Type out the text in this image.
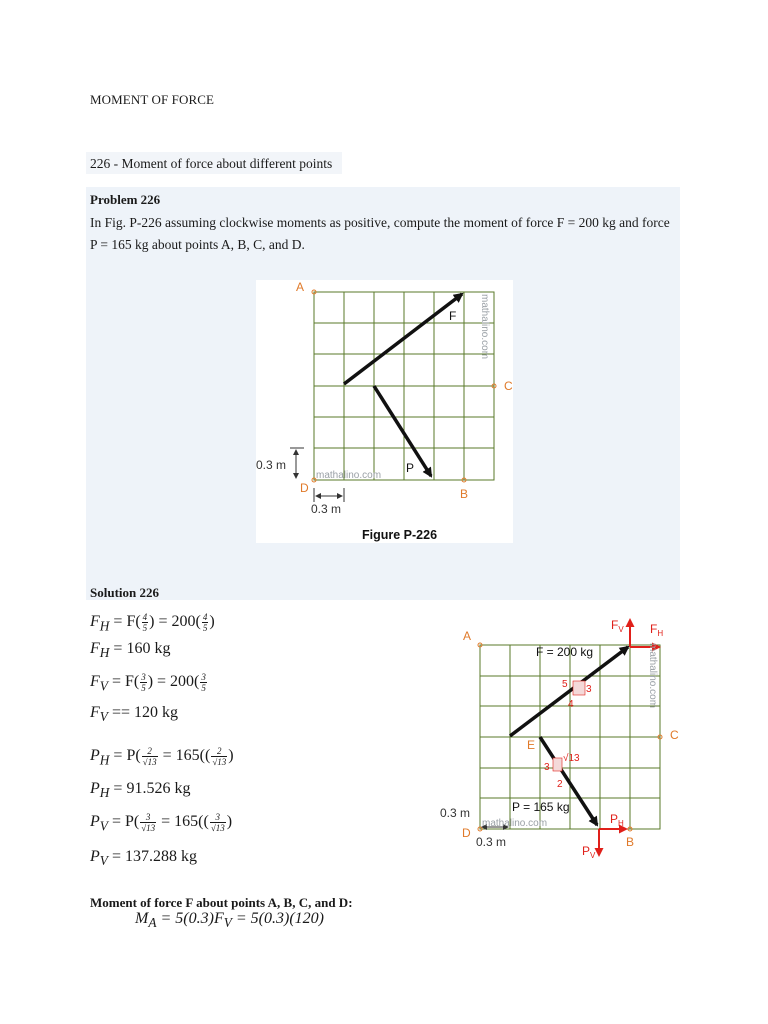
MOMENT OF FORCE
226 - Moment of force about different points
Problem 226
In Fig. P-226 assuming clockwise moments as positive, compute the moment of force F = 200 kg and force P = 165 kg about points A, B, C, and D.
A
C
D	B
F
P
0.3 m
0.3 m
mathalino.com
mathalino.com
Figure P-226
Solution 226
$F_H = F( \frac{4}{5}$ ) = $200( \frac{4}{5}$ )
$F_H = 160$ kg
$F_V = F( \frac{3}{5}$ ) = $200( \frac{3}{5}$
$F_V == 120$ kg
$P_H = P( \frac{2}{√13} = 165(( \frac{2}{√13}$ )
$P_H = 91.526$ kg
$P_V = P( \frac{3}{√13} = 165(( \frac{3}{√13}$ )
$P_V = 137.288$ kg
A
C
D
B
E
F = 200 kg
P = 165 kg
5 3
4
√13
3
2
$F_V$ $F_H$
$P_H$
$P_V$
0.3 m
0.3 m
mathalino.com
mathalino.com
Moment of force F about points A, B, C, and D:
$M_A = 5(0.3)F_V = 5(0.3)(120)$
